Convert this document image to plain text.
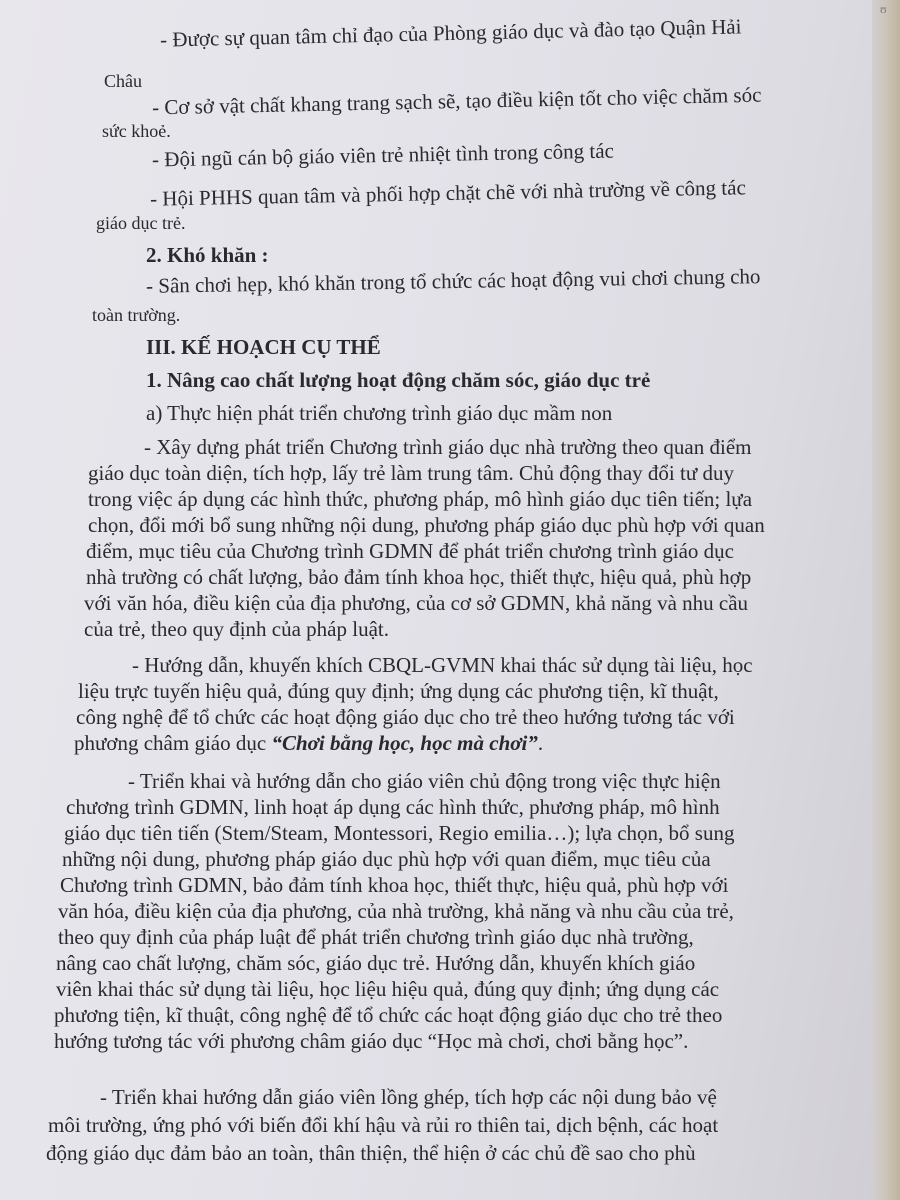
ʊ
- Được sự quan tâm chỉ đạo của Phòng giáo dục và đào tạo Quận Hải
Châu
- Cơ sở vật chất khang trang sạch sẽ, tạo điều kiện tốt cho việc chăm sóc
sức khoẻ.
- Đội ngũ cán bộ giáo viên trẻ nhiệt tình trong công tác
- Hội PHHS quan tâm và phối hợp chặt chẽ với nhà trường về công tác
giáo dục trẻ.
2. Khó khăn :
- Sân chơi hẹp, khó khăn trong tổ chức các hoạt động vui chơi chung cho
toàn trường.
III. KẾ HOẠCH CỤ THỂ
1. Nâng cao chất lượng hoạt động chăm sóc, giáo dục trẻ
a) Thực hiện phát triển chương trình giáo dục mầm non
- Xây dựng phát triển Chương trình giáo dục nhà trường theo quan điểm
giáo dục toàn diện, tích hợp, lấy trẻ làm trung tâm. Chủ động thay đổi tư duy
trong việc áp dụng các hình thức, phương pháp, mô hình giáo dục tiên tiến; lựa
chọn, đổi mới bổ sung những nội dung, phương pháp giáo dục phù hợp với quan
điểm, mục tiêu của Chương trình GDMN để phát triển chương trình giáo dục
nhà trường có chất lượng, bảo đảm tính khoa học, thiết thực, hiệu quả, phù hợp
với văn hóa, điều kiện của địa phương, của cơ sở GDMN, khả năng và nhu cầu
của trẻ, theo quy định của pháp luật.
- Hướng dẫn, khuyến khích CBQL-GVMN khai thác sử dụng tài liệu, học
liệu trực tuyến hiệu quả, đúng quy định; ứng dụng các phương tiện, kĩ thuật,
công nghệ để tổ chức các hoạt động giáo dục cho trẻ theo hướng tương tác với
phương châm giáo dục “Chơi bằng học, học mà chơi”.
- Triển khai và hướng dẫn cho giáo viên chủ động trong việc thực hiện
chương trình GDMN, linh hoạt áp dụng các hình thức, phương pháp, mô hình
giáo dục tiên tiến (Stem/Steam, Montessori, Regio emilia…); lựa chọn, bổ sung
những nội dung, phương pháp giáo dục phù hợp với quan điểm, mục tiêu của
Chương trình GDMN, bảo đảm tính khoa học, thiết thực, hiệu quả, phù hợp với
văn hóa, điều kiện của địa phương, của nhà trường, khả năng và nhu cầu của trẻ,
theo quy định của pháp luật để phát triển chương trình giáo dục nhà trường,
nâng cao chất lượng, chăm sóc, giáo dục trẻ. Hướng dẫn, khuyến khích giáo
viên khai thác sử dụng tài liệu, học liệu hiệu quả, đúng quy định; ứng dụng các
phương tiện, kĩ thuật, công nghệ để tổ chức các hoạt động giáo dục cho trẻ theo
hướng tương tác với phương châm giáo dục “Học mà chơi, chơi bằng học”.
- Triển khai hướng dẫn giáo viên lồng ghép, tích hợp các nội dung bảo vệ
môi trường, ứng phó với biến đổi khí hậu và rủi ro thiên tai, dịch bệnh, các hoạt
động giáo dục đảm bảo an toàn, thân thiện, thể hiện ở các chủ đề sao cho phù
